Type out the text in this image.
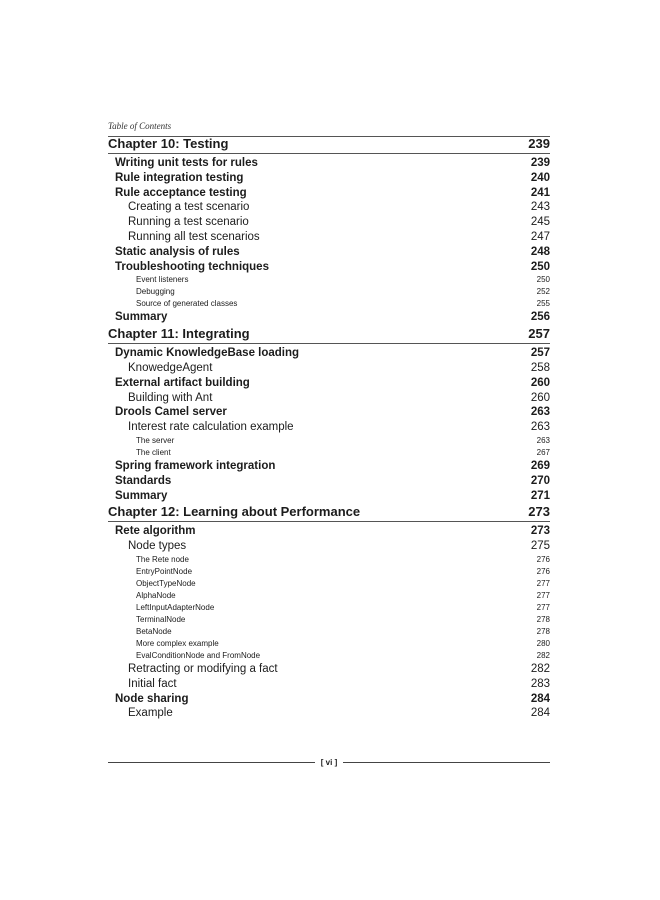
Table of Contents
Chapter 10: Testing	239
Writing unit tests for rules	239
Rule integration testing	240
Rule acceptance testing	241
Creating a test scenario	243
Running a test scenario	245
Running all test scenarios	247
Static analysis of rules	248
Troubleshooting techniques	250
Event listeners	250
Debugging	252
Source of generated classes	255
Summary	256
Chapter 11: Integrating	257
Dynamic KnowledgeBase loading	257
KnowedgeAgent	258
External artifact building	260
Building with Ant	260
Drools Camel server	263
Interest rate calculation example	263
The server	263
The client	267
Spring framework integration	269
Standards	270
Summary	271
Chapter 12: Learning about Performance	273
Rete algorithm	273
Node types	275
The Rete node	276
EntryPointNode	276
ObjectTypeNode	277
AlphaNode	277
LeftInputAdapterNode	277
TerminalNode	278
BetaNode	278
More complex example	280
EvalConditionNode and FromNode	282
Retracting or modifying a fact	282
Initial fact	283
Node sharing	284
Example	284
[ vi ]
